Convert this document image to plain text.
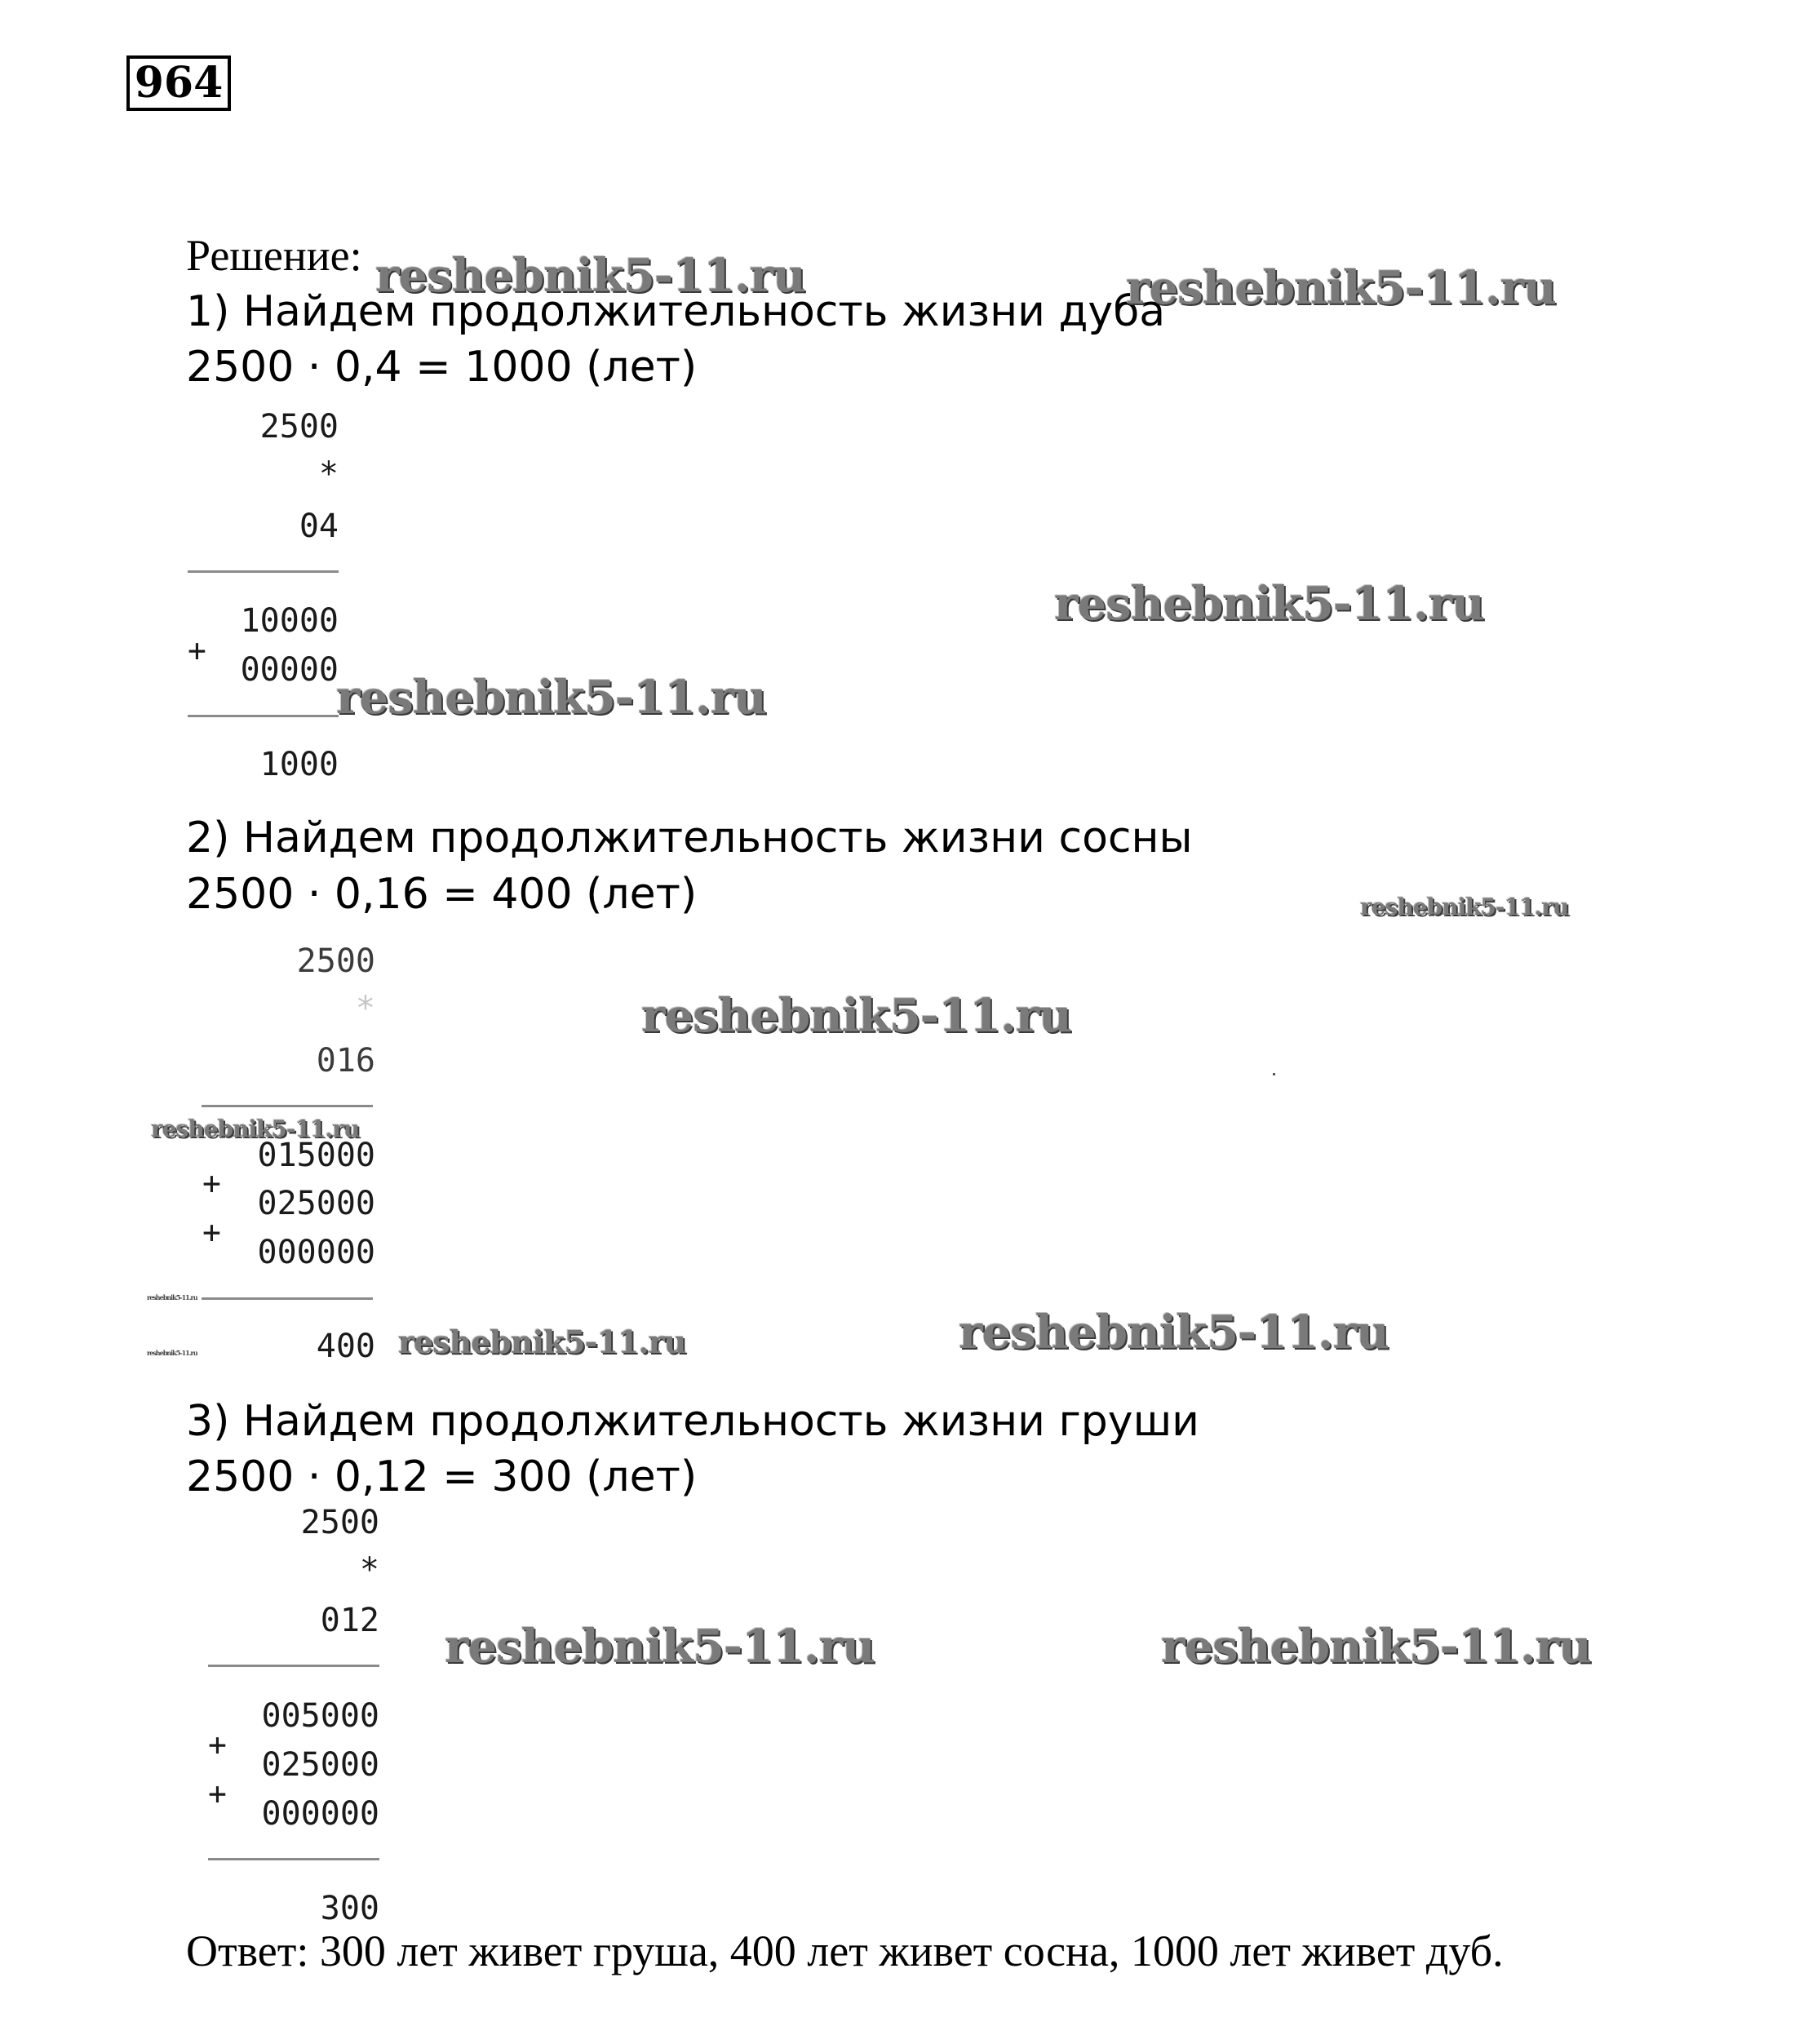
964
Решение:
1) Найдем продолжительность жизни дуба
2500 · 0,4 = 1000 (лет)
2500
*
04
10000
+
00000
1000
2) Найдем продолжительность жизни сосны
2500 · 0,16 = 400 (лет)
2500
*
016
015000
+
025000
+
000000
400
3) Найдем продолжительность жизни груши
2500 · 0,12 = 300 (лет)
2500
*
012
005000
+
025000
+
000000
300
Ответ: 300 лет живет груша, 400 лет живет сосна, 1000 лет живет дуб.
reshebnik5-11.ru	reshebnik5-11.ru
reshebnik5-11.ru
reshebnik5-11.ru
reshebnik5-11.ru
reshebnik5-11.ru
reshebnik5-11.ru
reshebnik5-11.ru
reshebnik5-11.ru	reshebnik5-11.ru	reshebnik5-11.ru
reshebnik5-11.ru	reshebnik5-11.ru
